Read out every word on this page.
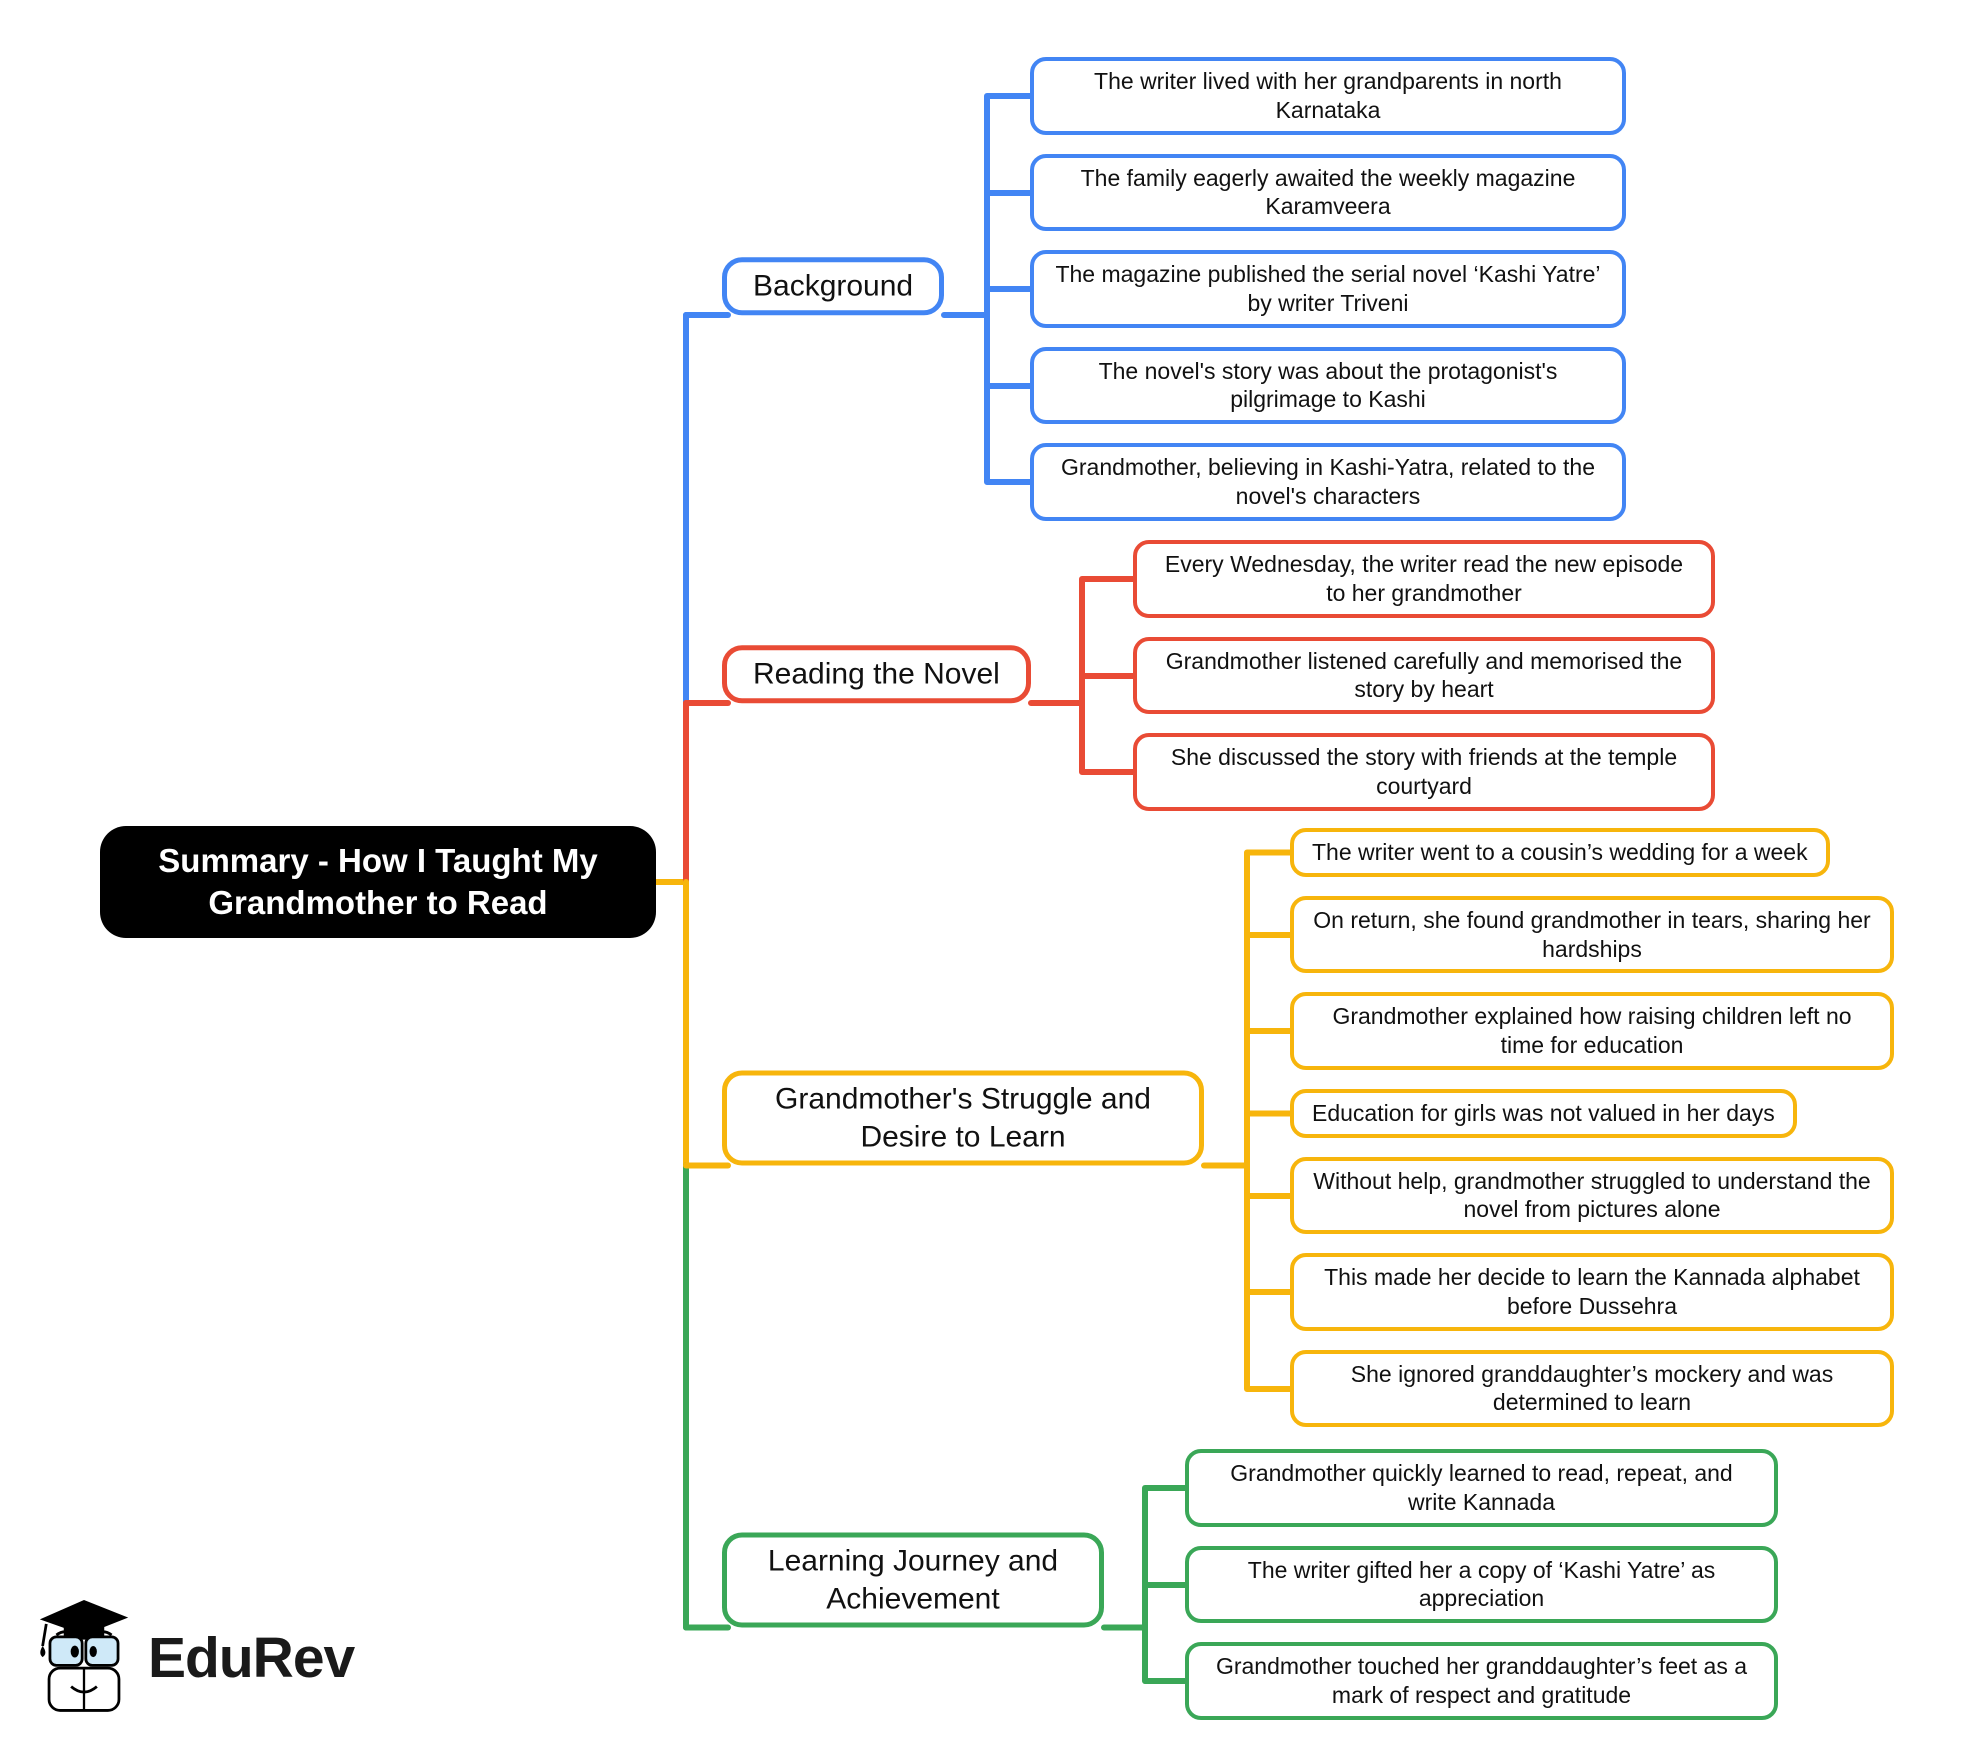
Summary - How I Taught My Grandmother to Read
Background
The writer lived with her grandparents in north Karnataka
The family eagerly awaited the weekly magazine Karamveera
The magazine published the serial novel ‘Kashi Yatre’ by writer Triveni
The novel's story was about the protagonist's pilgrimage to Kashi
Grandmother, believing in Kashi-Yatra, related to the novel's characters
Reading the Novel
Every Wednesday, the writer read the new episode to her grandmother
Grandmother listened carefully and memorised the story by heart
She discussed the story with friends at the temple courtyard
Grandmother's Struggle and Desire to Learn
The writer went to a cousin’s wedding for a week
On return, she found grandmother in tears, sharing her hardships
Grandmother explained how raising children left no time for education
Education for girls was not valued in her days
Without help, grandmother struggled to understand the novel from pictures alone
This made her decide to learn the Kannada alphabet before Dussehra
She ignored granddaughter’s mockery and was determined to learn
Learning Journey and Achievement
Grandmother quickly learned to read, repeat, and write Kannada
The writer gifted her a copy of ‘Kashi Yatre’ as appreciation
Grandmother touched her granddaughter’s feet as a mark of respect and gratitude
EduRev
